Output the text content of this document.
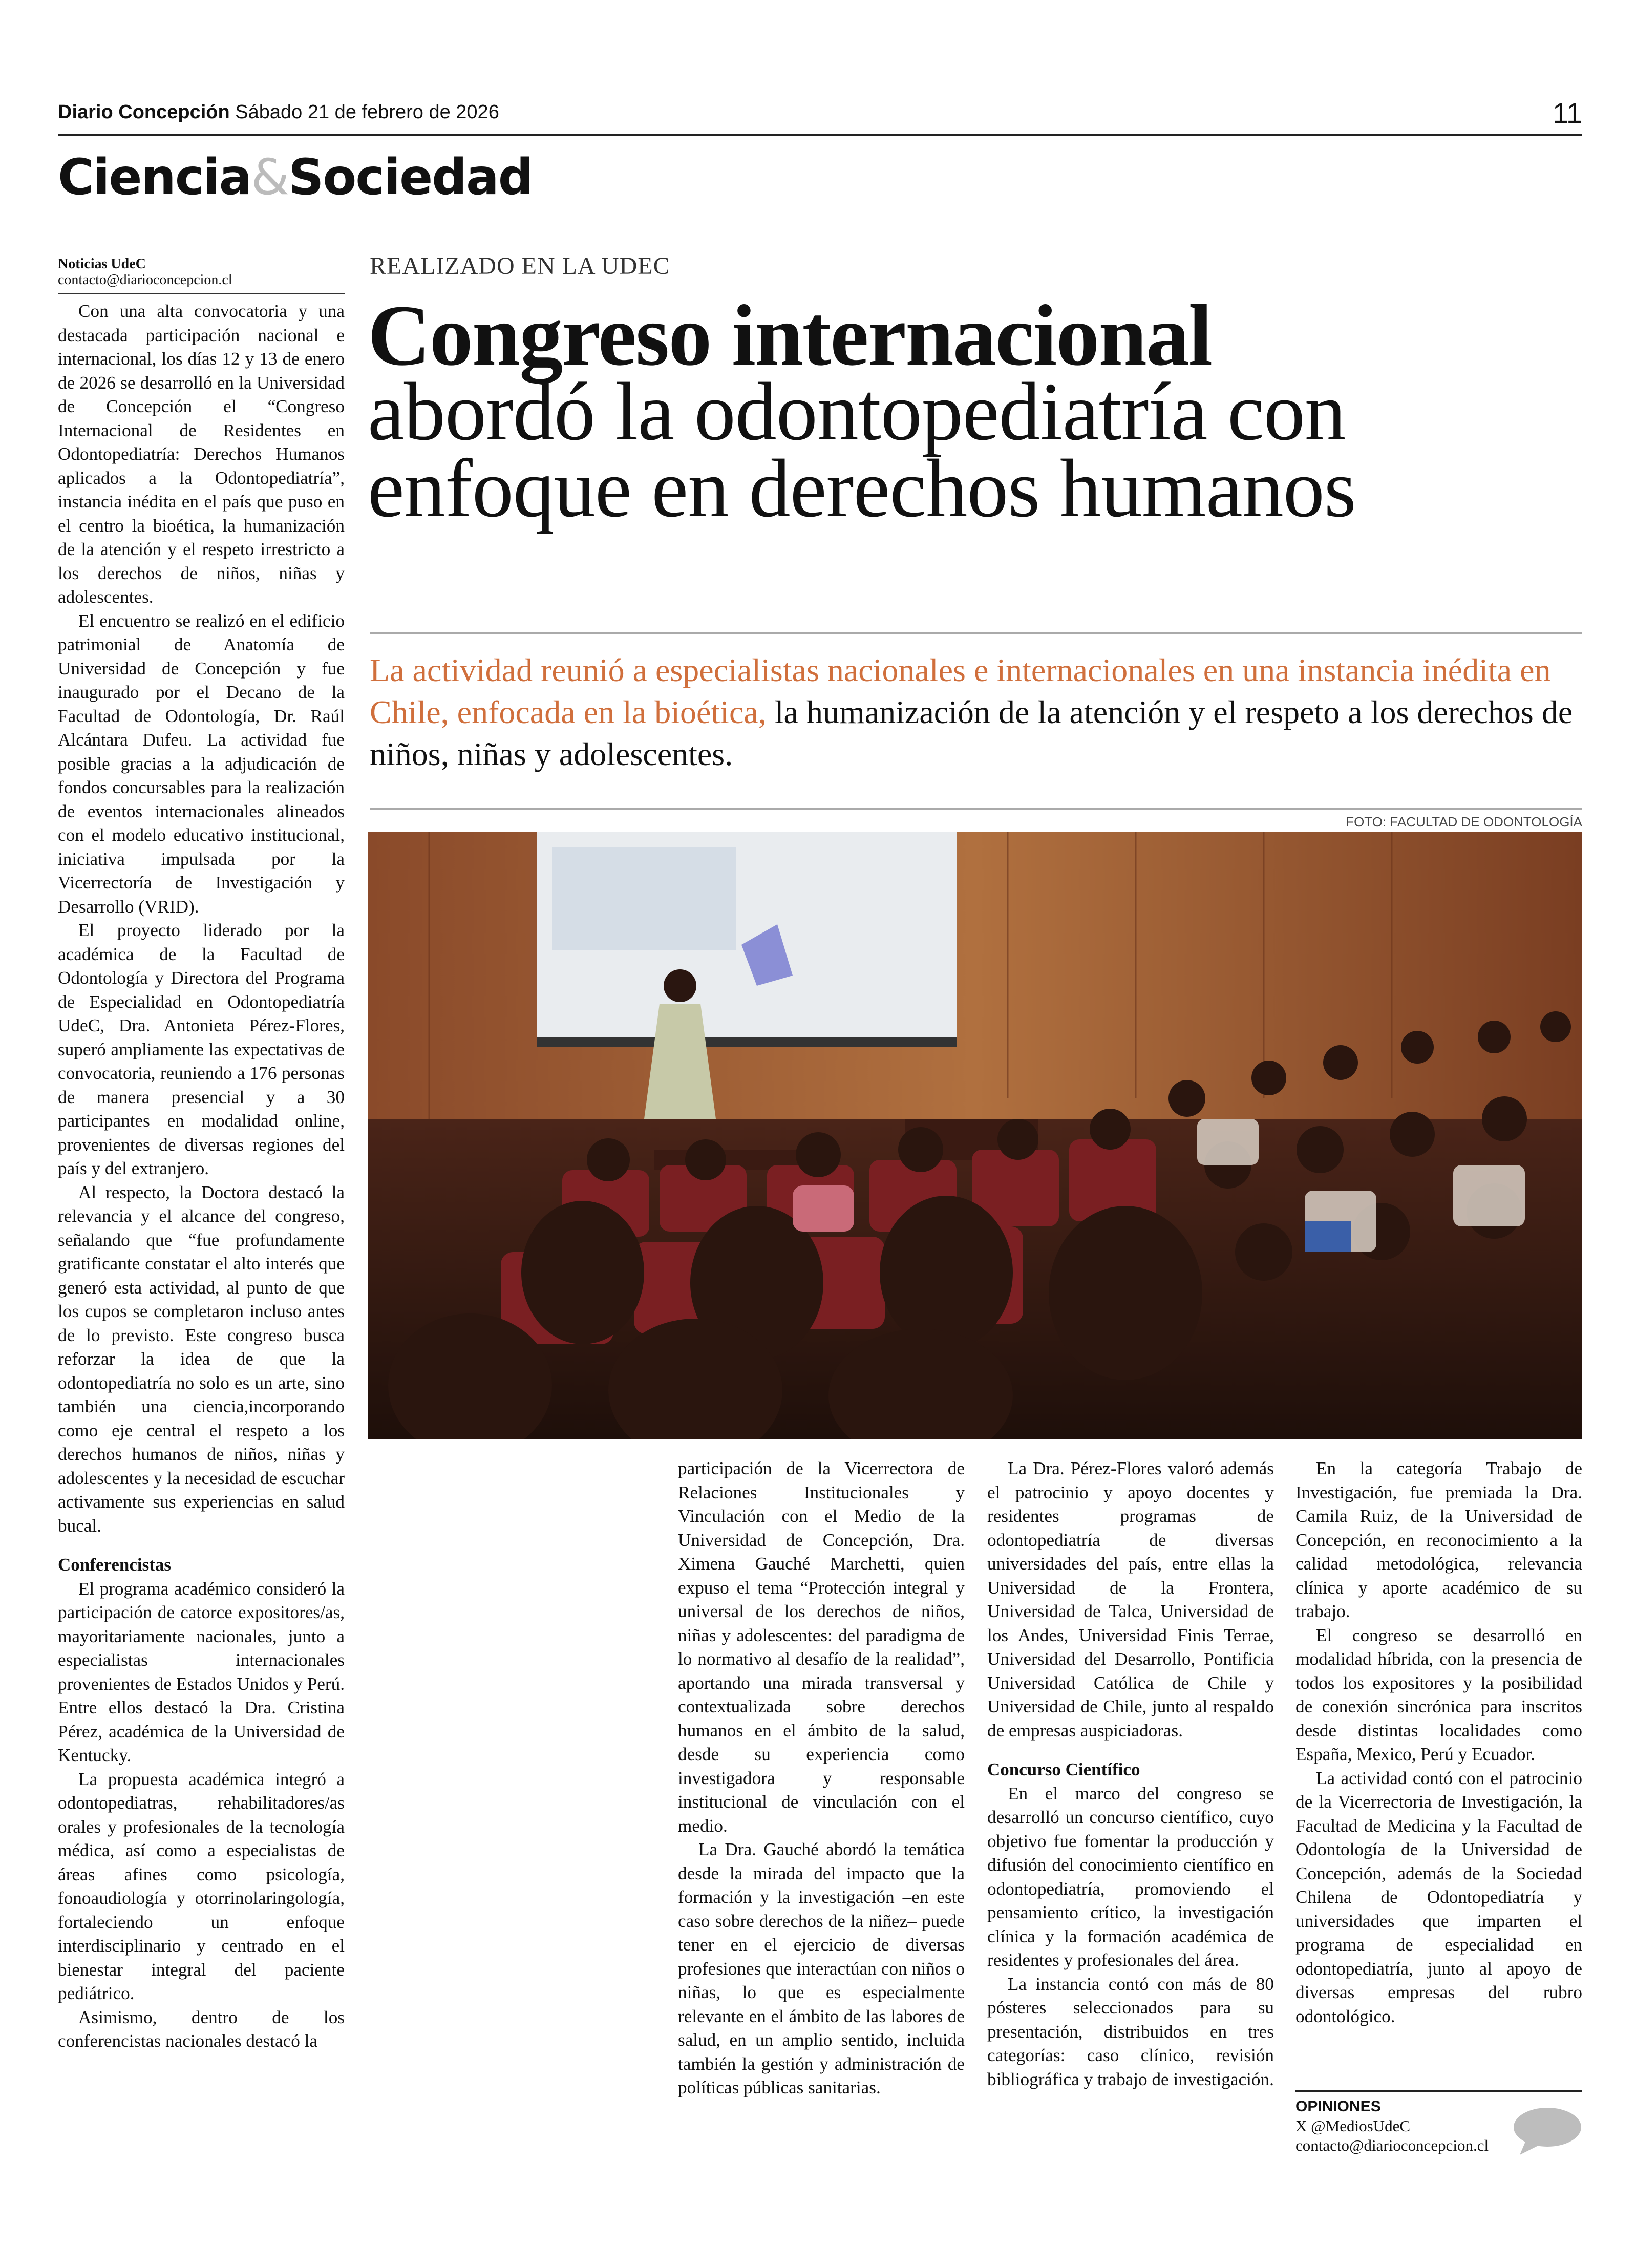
Diario Concepción Sábado 21 de febrero de 2026	11
Ciencia&Sociedad
Noticias UdeC
contacto@diarioconcepcion.cl
REALIZADO EN LA UDEC
Congreso internacional
abordó la odontopediatría con
enfoque en derechos humanos
La actividad reunió a especialistas nacionales e internacionales en una instancia inédita en Chile, enfocada en la bioética, la humanización de la atención y el respeto a los derechos de niños, niñas y adolescentes.
FOTO: FACULTAD DE ODONTOLOGÍA

Con una alta convocatoria y una destacada participación nacional e internacional, los días 12 y 13 de enero de 2026 se desarrolló en la Universidad de Concepción el “Congreso Internacional de Residentes en Odontopediatría: Derechos Humanos aplicados a la Odontopediatría”, instancia inédita en el país que puso en el centro la bioética, la humanización de la atención y el respeto irrestricto a los derechos de niños, niñas y adolescentes.

El encuentro se realizó en el edificio patrimonial de Anatomía de Universidad de Concepción y fue inaugurado por el Decano de la Facultad de Odontología, Dr. Raúl Alcántara Dufeu. La actividad fue posible gracias a la adjudicación de fondos concursables para la realización de eventos internacionales alineados con el modelo educativo institucional, iniciativa impulsada por la Vicerrectoría de Investigación y Desarrollo (VRID).

El proyecto liderado por la académica de la Facultad de Odontología y Directora del Programa de Especialidad en Odontopediatría UdeC, Dra. Antonieta Pérez-Flores, superó ampliamente las expectativas de convocatoria, reuniendo a 176 personas de manera presencial y a 30 participantes en modalidad online, provenientes de diversas regiones del país y del extranjero.

Al respecto, la Doctora destacó la relevancia y el alcance del congreso, señalando que “fue profundamente gratificante constatar el alto interés que generó esta actividad, al punto de que los cupos se completaron incluso antes de lo previsto. Este congreso busca reforzar la idea de que la odontopediatría no solo es un arte, sino también una ciencia,incorporando como eje central el respeto a los derechos humanos de niños, niñas y adolescentes y la necesidad de escuchar activamente sus experiencias en salud bucal.

Conferencistas

El programa académico consideró la participación de catorce expositores/as, mayoritariamente nacionales, junto a especialistas internacionales provenientes de Estados Unidos y Perú. Entre ellos destacó la Dra. Cristina Pérez, académica de la Universidad de Kentucky.

La propuesta académica integró a odontopediatras, rehabilitadores/as orales y profesionales de la tecnología médica, así como a especialistas de áreas afines como psicología, fonoaudiología y otorrinolaringología, fortaleciendo un enfoque interdisciplinario y centrado en el bienestar integral del paciente pediátrico.

Asimismo, dentro de los conferencistas nacionales destacó la

participación de la Vicerrectora de Relaciones Institucionales y Vinculación con el Medio de la Universidad de Concepción, Dra. Ximena Gauché Marchetti, quien expuso el tema “Protección integral y universal de los derechos de niños, niñas y adolescentes: del paradigma de lo normativo al desafío de la realidad”, aportando una mirada transversal y contextualizada sobre derechos humanos en el ámbito de la salud, desde su experiencia como investigadora y responsable institucional de vinculación con el medio.

La Dra. Gauché abordó la temática desde la mirada del impacto que la formación y la investigación –en este caso sobre derechos de la niñez– puede tener en el ejercicio de diversas profesiones que interactúan con niños o niñas, lo que es especialmente relevante en el ámbito de las labores de salud, en un amplio sentido, incluida también la gestión y administración de políticas públicas sanitarias.

La Dra. Pérez-Flores valoró además el patrocinio y apoyo docentes y residentes programas de odontopediatría de diversas universidades del país, entre ellas la Universidad de la Frontera, Universidad de Talca, Universidad de los Andes, Universidad Finis Terrae, Universidad del Desarrollo, Pontificia Universidad Católica de Chile y Universidad de Chile, junto al respaldo de empresas auspiciadoras.

Concurso Científico

En el marco del congreso se desarrolló un concurso científico, cuyo objetivo fue fomentar la producción y difusión del conocimiento científico en odontopediatría, promoviendo el pensamiento crítico, la investigación clínica y la formación académica de residentes y profesionales del área.

La instancia contó con más de 80 pósteres seleccionados para su presentación, distribuidos en tres categorías: caso clínico, revisión bibliográfica y trabajo de investigación.

En la categoría Trabajo de Investigación, fue premiada la Dra. Camila Ruiz, de la Universidad de Concepción, en reconocimiento a la calidad metodológica, relevancia clínica y aporte académico de su trabajo.

El congreso se desarrolló en modalidad híbrida, con la presencia de todos los expositores y la posibilidad de conexión sincrónica para inscritos desde distintas localidades como España, Mexico, Perú y Ecuador.

La actividad contó con el patrocinio de la Vicerrectoria de Investigación, la Facultad de Medicina y la Facultad de Odontología de la Universidad de Concepción, además de la Sociedad Chilena de Odontopediatría y universidades que imparten el programa de especialidad en odontopediatría, junto al apoyo de diversas empresas del rubro odontológico.

OPINIONES
X @MediosUdeC
contacto@diarioconcepcion.cl
